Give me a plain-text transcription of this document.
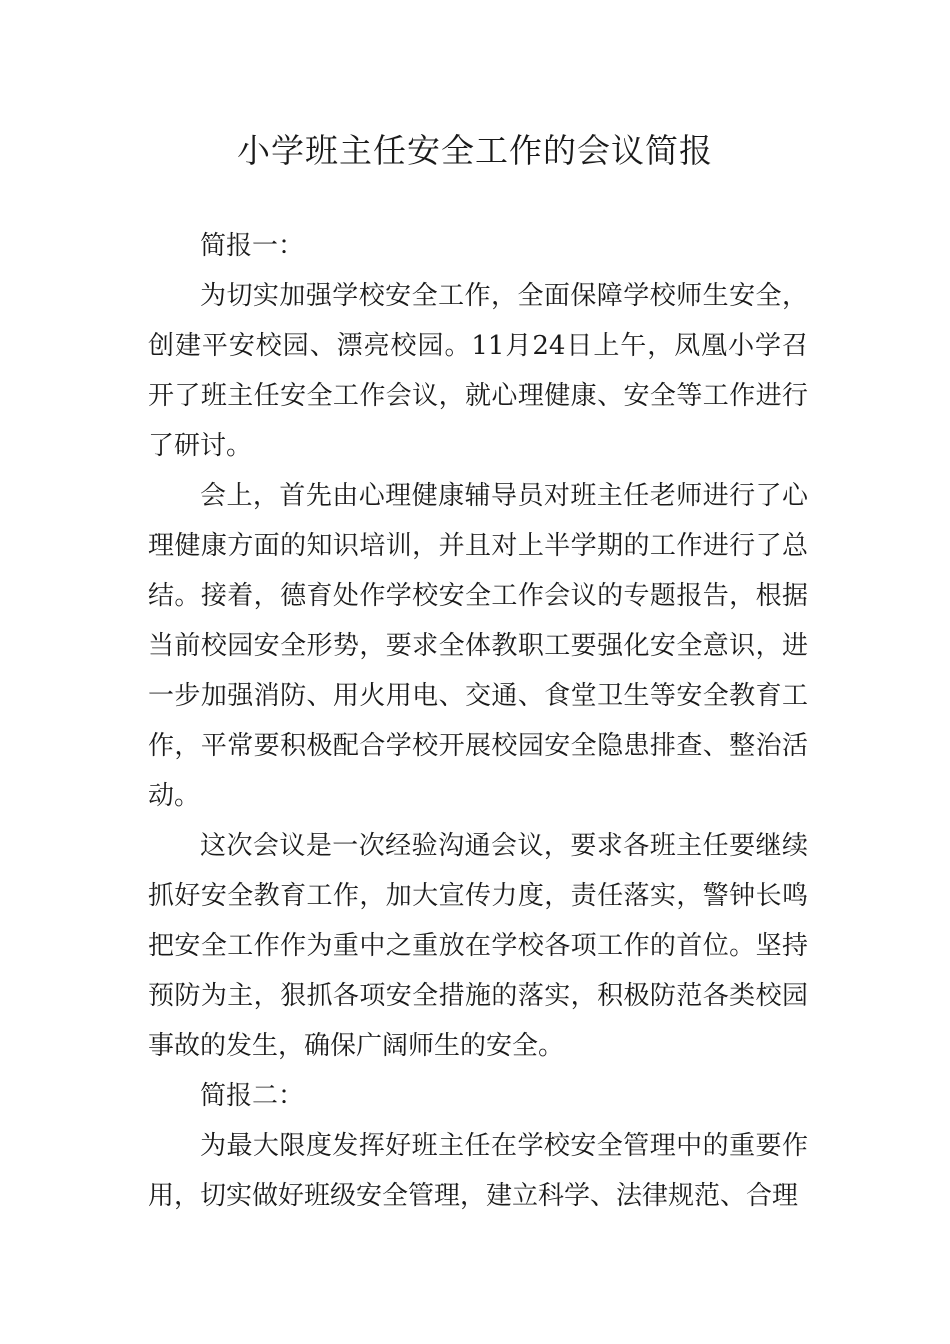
小学班主任安全工作的会议简报

简报一：

为切实加强学校安全工作，全面保障学校师生安全，创建平安校园、漂亮校园。11月24日上午，凤凰小学召开了班主任安全工作会议，就心理健康、安全等工作进行了研讨。

会上，首先由心理健康辅导员对班主任老师进行了心理健康方面的知识培训，并且对上半学期的工作进行了总结。接着，德育处作学校安全工作会议的专题报告，根据当前校园安全形势，要求全体教职工要强化安全意识，进一步加强消防、用火用电、交通、食堂卫生等安全教育工作，平常要积极配合学校开展校园安全隐患排查、整治活动。

这次会议是一次经验沟通会议，要求各班主任要继续抓好安全教育工作，加大宣传力度，责任落实，警钟长鸣把安全工作作为重中之重放在学校各项工作的首位。坚持预防为主，狠抓各项安全措施的落实，积极防范各类校园事故的发生，确保广阔师生的安全。

简报二：

为最大限度发挥好班主任在学校安全管理中的重要作用，切实做好班级安全管理，建立科学、法律规范、合理
